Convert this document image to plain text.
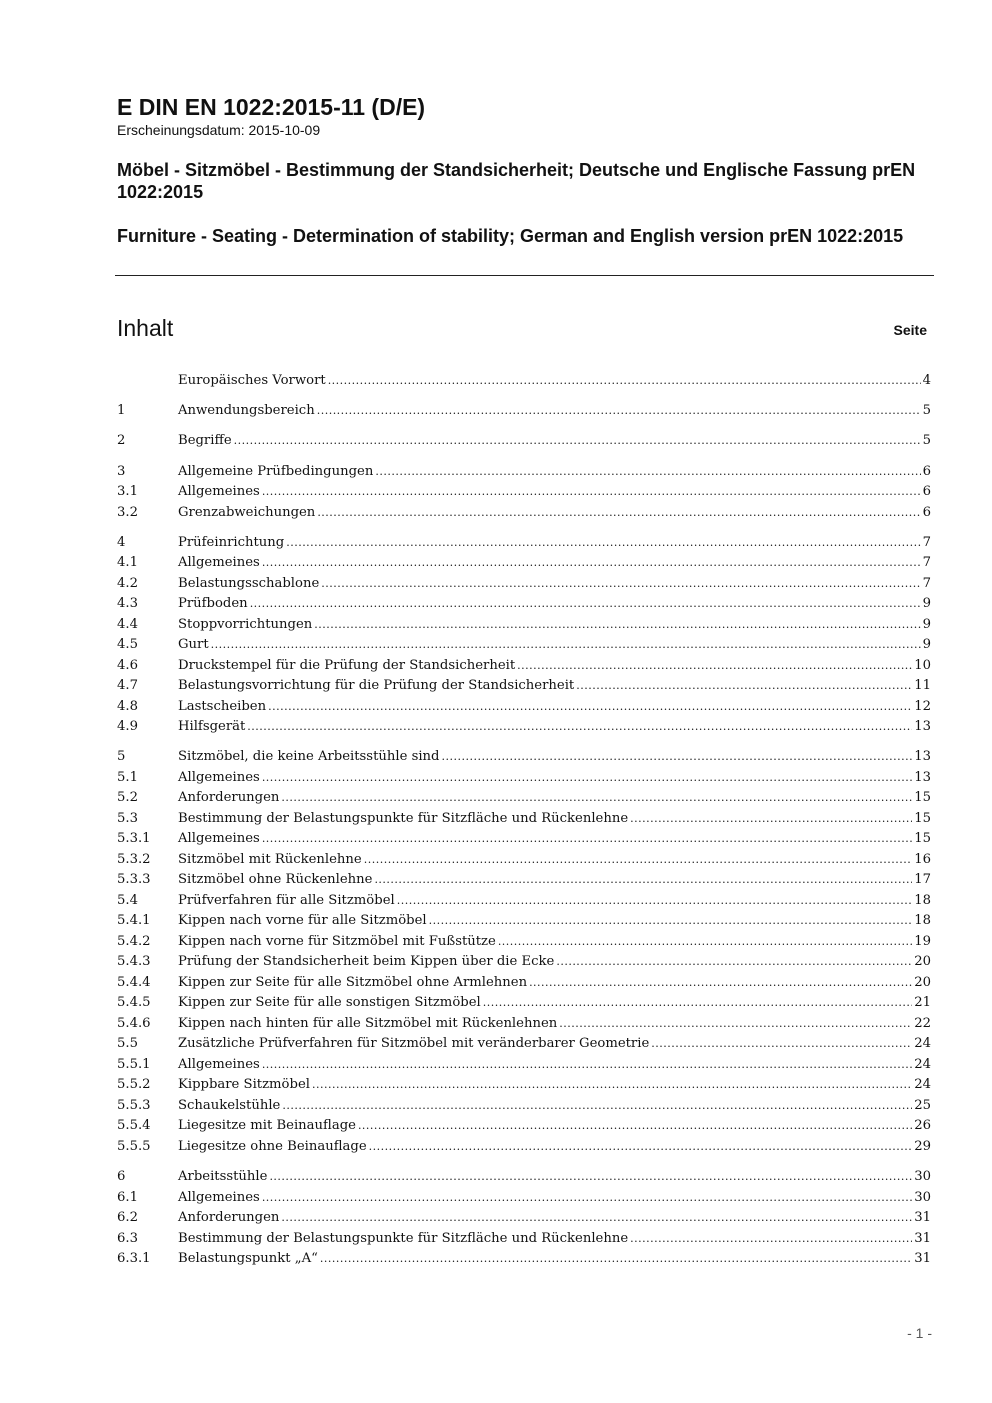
E DIN EN 1022:2015-11 (D/E)

Erscheinungsdatum: 2015-10-09

Möbel - Sitzmöbel - Bestimmung der Standsicherheit; Deutsche und Englische Fassung prEN 1022:2015

Furniture - Seating - Determination of stability; German and English version prEN 1022:2015

Inhalt	Seite
Europäisches Vorwort .....	4
1	Anwendungsbereich .....	5
2	Begriffe .....	5
3	Allgemeine Prüfbedingungen .....	6
3.1	Allgemeines .....	6
3.2	Grenzabweichungen .....	6
4	Prüfeinrichtung .....	7
4.1	Allgemeines .....	7
4.2	Belastungsschablone .....	7
4.3	Prüfboden .....	9
4.4	Stoppvorrichtungen .....	9
4.5	Gurt .....	9
4.6	Druckstempel für die Prüfung der Standsicherheit .....	10
4.7	Belastungsvorrichtung für die Prüfung der Standsicherheit .....	11
4.8	Lastscheiben .....	12
4.9	Hilfsgerät .....	13
5	Sitzmöbel, die keine Arbeitsstühle sind .....	13
5.1	Allgemeines .....	13
5.2	Anforderungen .....	15
5.3	Bestimmung der Belastungspunkte für Sitzfläche und Rückenlehne .....	15
5.3.1	Allgemeines .....	15
5.3.2	Sitzmöbel mit Rückenlehne .....	16
5.3.3	Sitzmöbel ohne Rückenlehne .....	17
5.4	Prüfverfahren für alle Sitzmöbel .....	18
5.4.1	Kippen nach vorne für alle Sitzmöbel .....	18
5.4.2	Kippen nach vorne für Sitzmöbel mit Fußstütze .....	19
5.4.3	Prüfung der Standsicherheit beim Kippen über die Ecke .....	20
5.4.4	Kippen zur Seite für alle Sitzmöbel ohne Armlehnen .....	20
5.4.5	Kippen zur Seite für alle sonstigen Sitzmöbel .....	21
5.4.6	Kippen nach hinten für alle Sitzmöbel mit Rückenlehnen .....	22
5.5	Zusätzliche Prüfverfahren für Sitzmöbel mit veränderbarer Geometrie .....	24
5.5.1	Allgemeines .....	24
5.5.2	Kippbare Sitzmöbel .....	24
5.5.3	Schaukelstühle .....	25
5.5.4	Liegesitze mit Beinauflage .....	26
5.5.5	Liegesitze ohne Beinauflage .....	29
6	Arbeitsstühle .....	30
6.1	Allgemeines .....	30
6.2	Anforderungen .....	31
6.3	Bestimmung der Belastungspunkte für Sitzfläche und Rückenlehne .....	31
6.3.1	Belastungspunkt „A“ .....	31
- 1 -
